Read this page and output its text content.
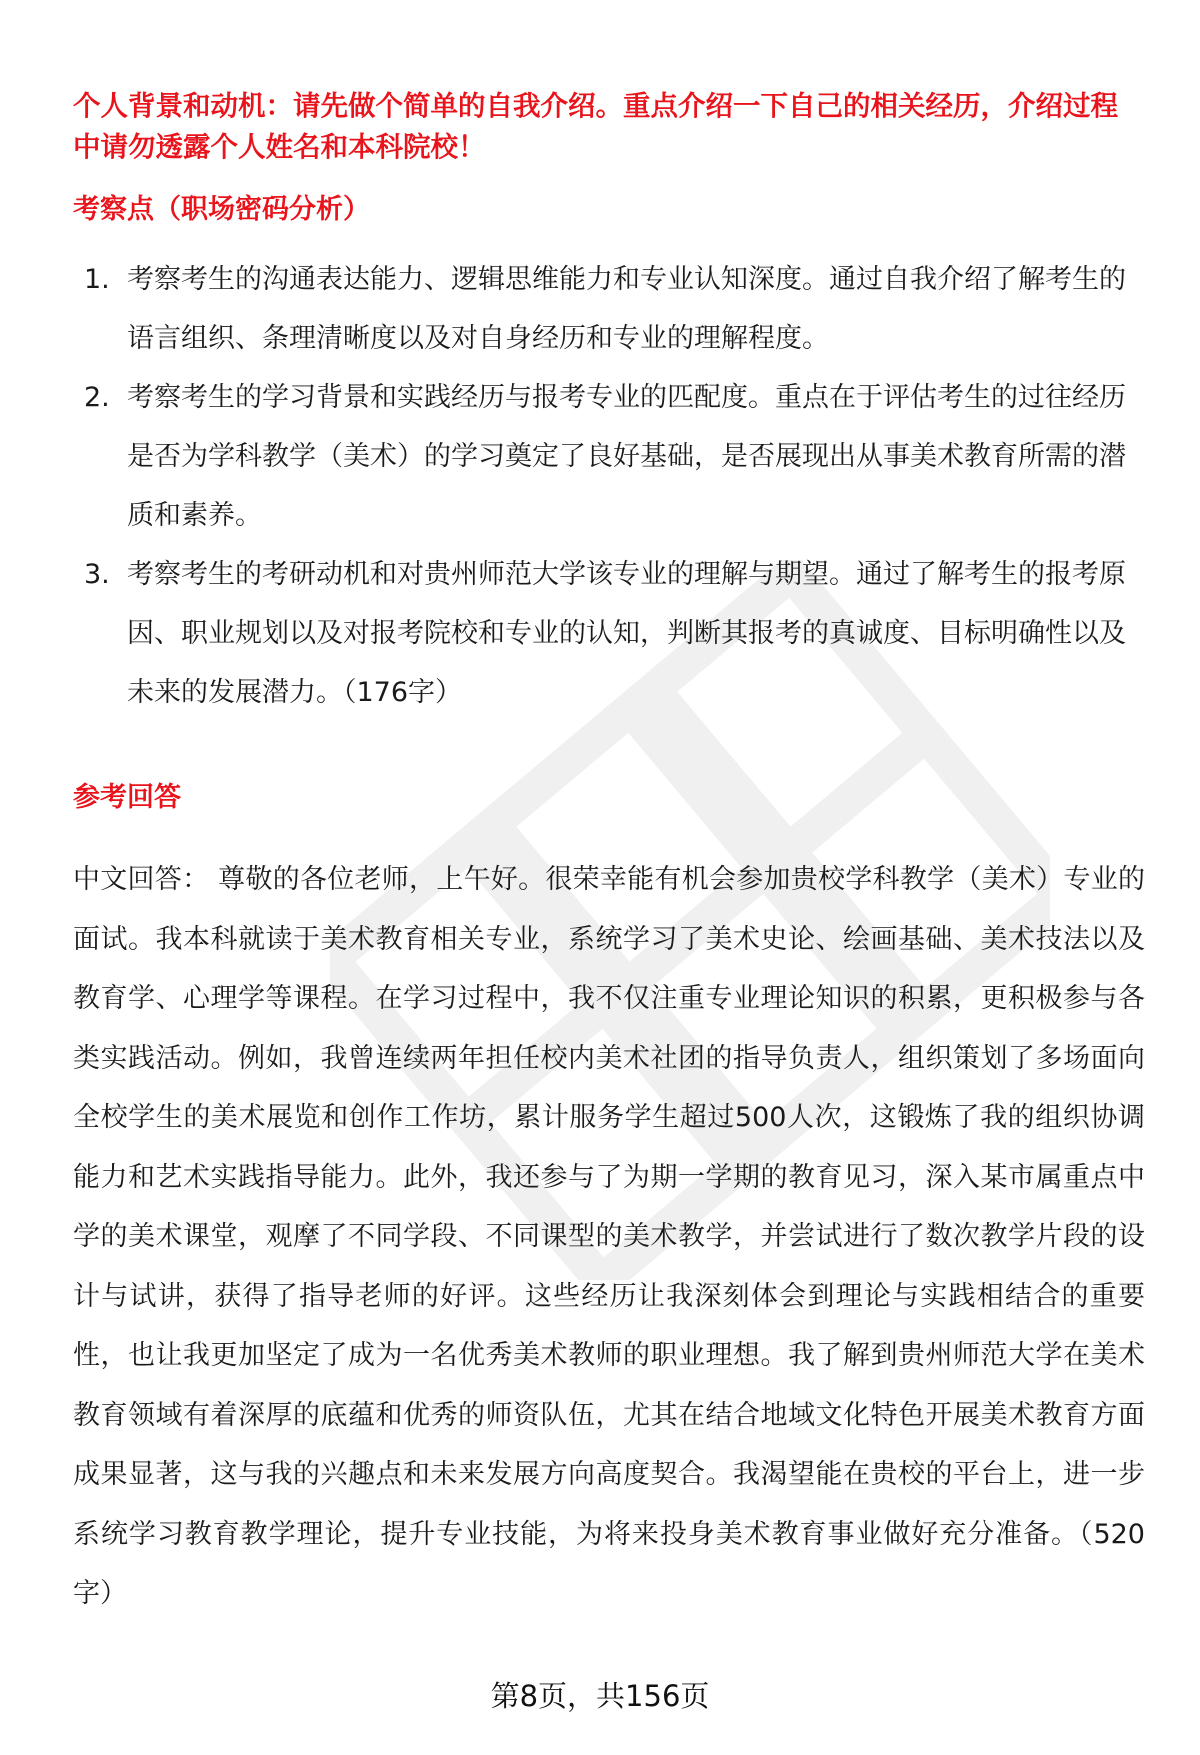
个人背景和动机：请先做个简单的自我介绍。重点介绍一下自己的相关经历，介绍过程中请勿透露个人姓名和本科院校！

考察点（职场密码分析）
1. 考察考生的沟通表达能力、逻辑思维能力和专业认知深度。通过自我介绍了解考生的语言组织、条理清晰度以及对自身经历和专业的理解程度。
2. 考察考生的学习背景和实践经历与报考专业的匹配度。重点在于评估考生的过往经历是否为学科教学（美术）的学习奠定了良好基础，是否展现出从事美术教育所需的潜质和素养。
3. 考察考生的考研动机和对贵州师范大学该专业的理解与期望。通过了解考生的报考原因、职业规划以及对报考院校和专业的认知，判断其报考的真诚度、目标明确性以及未来的发展潜力。（176字）
参考回答

中文回答： 尊敬的各位老师，上午好。很荣幸能有机会参加贵校学科教学（美术）专业的面试。我本科就读于美术教育相关专业，系统学习了美术史论、绘画基础、美术技法以及教育学、心理学等课程。在学习过程中，我不仅注重专业理论知识的积累，更积极参与各类实践活动。例如，我曾连续两年担任校内美术社团的指导负责人，组织策划了多场面向全校学生的美术展览和创作工作坊，累计服务学生超过500人次，这锻炼了我的组织协调能力和艺术实践指导能力。此外，我还参与了为期一学期的教育见习，深入某市属重点中学的美术课堂，观摩了不同学段、不同课型的美术教学，并尝试进行了数次教学片段的设计与试讲，获得了指导老师的好评。这些经历让我深刻体会到理论与实践相结合的重要性，也让我更加坚定了成为一名优秀美术教师的职业理想。我了解到贵州师范大学在美术教育领域有着深厚的底蕴和优秀的师资队伍，尤其在结合地域文化特色开展美术教育方面成果显著，这与我的兴趣点和未来发展方向高度契合。我渴望能在贵校的平台上，进一步系统学习教育教学理论，提升专业技能，为将来投身美术教育事业做好充分准备。（520字）

第8页，共156页
